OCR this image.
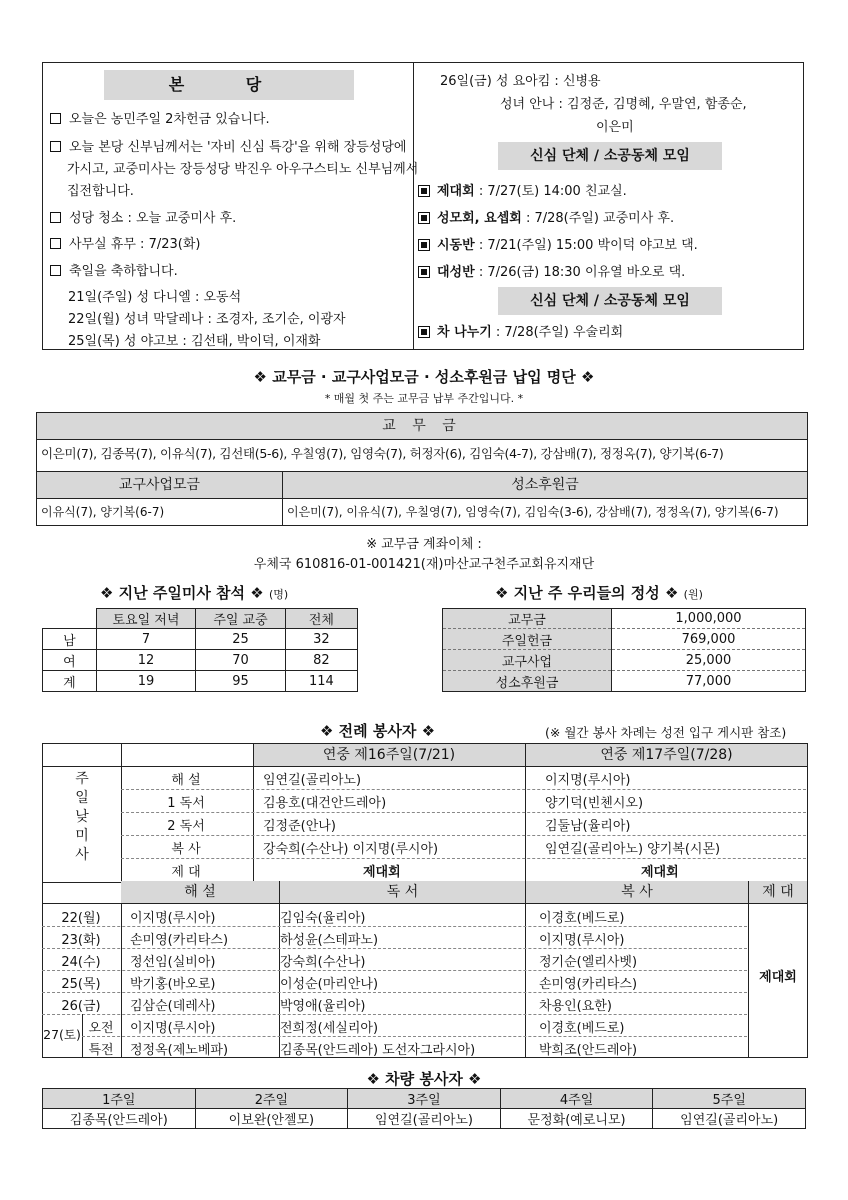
본 당
오늘은 농민주일 2차헌금 있습니다.
오늘 본당 신부님께서는 '자비 신심 특강'을 위해 장등성당에
가시고, 교중미사는 장등성당 박진우 아우구스티노 신부님께서
집전합니다.
성당 청소 : 오늘 교중미사 후.
사무실 휴무 : 7/23(화)
축일을 축하합니다.
21일(주일) 성 다니엘 : 오동석
22일(월) 성녀 막달레나 : 조경자, 조기순, 이광자
25일(목) 성 야고보 : 김선태, 박이덕, 이재화
26일(금) 성 요아킴 : 신병용
성녀 안나 : 김정준, 김명혜, 우말연, 함종순,
이은미
신심 단체 / 소공동체 모임
제대회 : 7/27(토) 14:00 친교실.
성모회, 요셉회 : 7/28(주일) 교중미사 후.
시동반 : 7/21(주일) 15:00 박이덕 야고보 댁.
대성반 : 7/26(금) 18:30 이유열 바오로 댁.
신심 단체 / 소공동체 모임
차 나누기 : 7/28(주일) 우술리회
❖ 교무금 · 교구사업모금 · 성소후원금 납입 명단 ❖
* 매월 첫 주는 교무금 납부 주간입니다. *
교 무 금
이은미(7), 김종목(7), 이유식(7), 김선태(5-6), 우칠영(7), 임영숙(7), 허정자(6), 김임숙(4-7), 강삼배(7), 정정옥(7), 양기복(6-7)
교구사업모금	성소후원금
이유식(7), 양기복(6-7)	이은미(7), 이유식(7), 우칠영(7), 임영숙(7), 김임숙(3-6), 강삼배(7), 정정옥(7), 양기복(6-7)
※ 교무금 계좌이체 :
우체국 610816-01-001421(재)마산교구천주교회유지재단
❖ 지난 주일미사 참석 ❖ (명)
	토요일 저녁	주일 교중	전체
남	7	25	32
여	12	70	82
계	19	95	114
❖ 지난 주 우리들의 정성 ❖ (원)
교무금	1,000,000
주일헌금	769,000
교구사업	25,000
성소후원금	77,000
❖ 전례 봉사자 ❖	(※ 월간 봉사 차례는 성전 입구 게시판 참조)
주일낮미사
연중 제16주일(7/21)	연중 제17주일(7/28)
해 설	임연길(골리아노)	이지명(루시아)
1 독서	김용호(대건안드레아)	양기덕(빈첸시오)
2 독서	김정준(안나)	김둘남(율리아)
복 사	강숙희(수산나) 이지명(루시아)	임연길(골리아노) 양기복(시몬)
제 대	제대회	제대회
해 설	독 서	복 사	제 대
제대회
22(월)	이지명(루시아)	김임숙(율리아)	이경호(베드로)
23(화)	손미영(카리타스)	하성윤(스테파노)	이지명(루시아)
24(수)	정선임(실비아)	강숙희(수산나)	정기순(엘리사벳)
25(목)	박기홍(바오로)	이성순(마리안나)	손미영(카리타스)
26(금)	김삼순(데레사)	박영애(율리아)	차용인(요한)
27(토) 오전	이지명(루시아)	전희정(세실리아)	이경호(베드로)
특전	정정옥(제노베파)	김종목(안드레아) 도선자그라시아)	박희조(안드레아)
❖ 차량 봉사자 ❖
1주일	2주일	3주일	4주일	5주일
김종목(안드레아)	이보완(안젤모)	임연길(골리아노)	문정화(예로니모)	임연길(골리아노)
